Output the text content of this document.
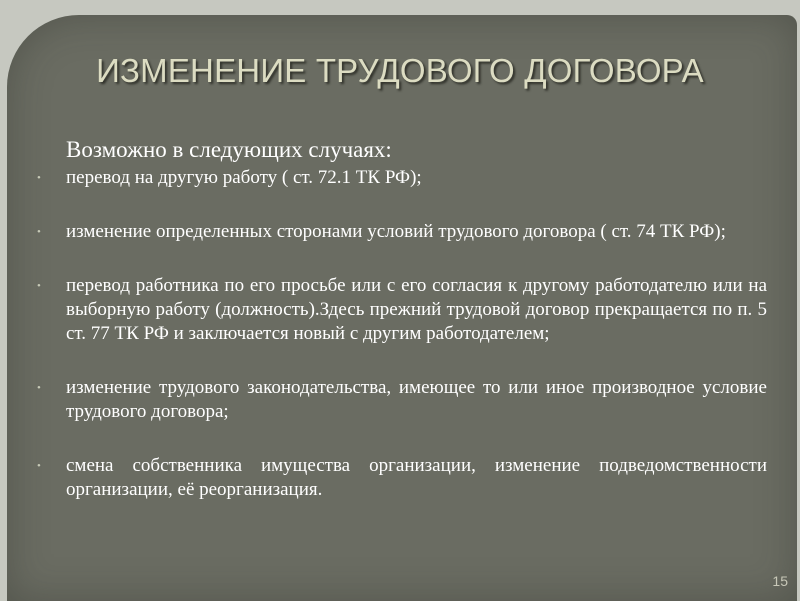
ИЗМЕНЕНИЕ ТРУДОВОГО ДОГОВОРА

Возможно в следующих случаях:

•	перевод на другую работу ( ст. 72.1 ТК РФ);
•	изменение определенных сторонами условий трудового договора ( ст. 74 ТК РФ);
•	перевод работника по его просьбе или с его согласия к другому работодателю или на выборную работу (должность).Здесь прежний трудовой договор прекращается по п. 5 ст. 77 ТК РФ и заключается новый с другим работодателем;
•	изменение трудового законодательства, имеющее то или иное производное условие трудового договора;
•	смена собственника имущества организации, изменение подведомственности организации, её реорганизация.
15
